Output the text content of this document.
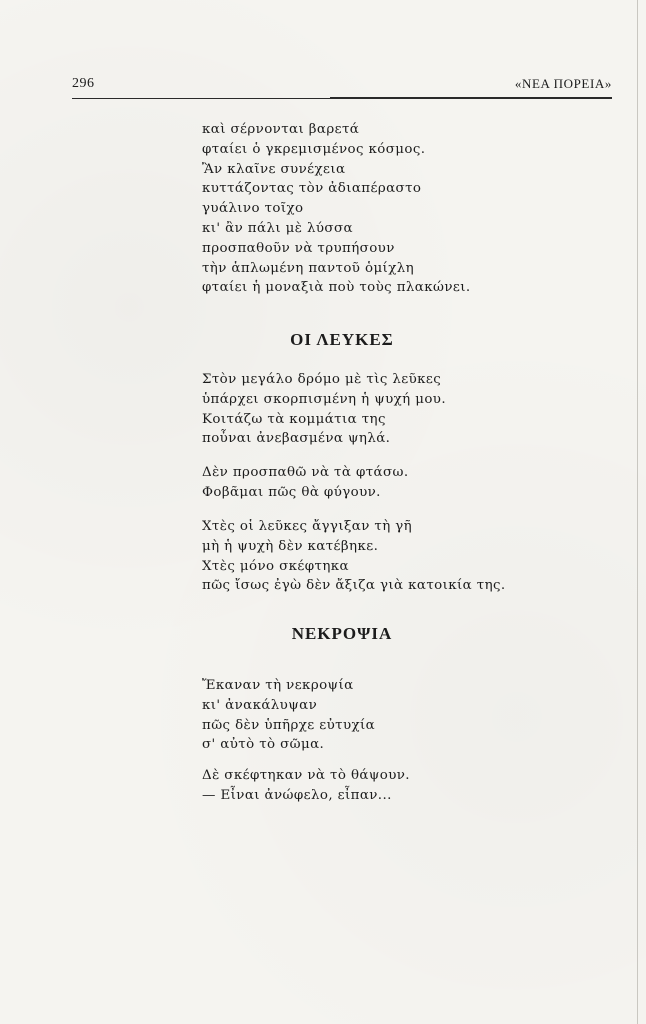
296	«ΝΕΑ ΠΟΡΕΙΑ»
καὶ σέρνονται βαρετά
φταίει ὁ γκρεμισμένος κόσμος.
Ἂν κλαῖνε συνέχεια
κυττάζοντας τὸν ἀδιαπέραστο
γυάλινο τοῖχο
κι' ἂν πάλι μὲ λύσσα
προσπαθοῦν νὰ τρυπήσουν
τὴν ἁπλωμένη παντοῦ ὁμίχλη
φταίει ἡ μοναξιὰ ποὺ τοὺς πλακώνει.
ΟΙ ΛΕΥΚΕΣ
Στὸν μεγάλο δρόμο μὲ τὶς λεῦκες
ὑπάρχει σκορπισμένη ἡ ψυχή μου.
Κοιτάζω τὰ κομμάτια της
ποὖναι ἀνεβασμένα ψηλά.
Δὲν προσπαθῶ νὰ τὰ φτάσω.
Φοβᾶμαι πῶς θὰ φύγουν.
Χτὲς οἱ λεῦκες ἄγγιξαν τὴ γῆ
μὴ ἡ ψυχὴ δὲν κατέβηκε.
Χτὲς μόνο σκέφτηκα
πῶς ἴσως ἐγὼ δὲν ἄξιζα γιὰ κατοικία της.
ΝΕΚΡΟΨΙΑ
Ἔκαναν τὴ νεκροψία
κι' ἀνακάλυψαν
πῶς δὲν ὑπῆρχε εὐτυχία
σ' αὐτὸ τὸ σῶμα.
Δὲ σκέφτηκαν νὰ τὸ θάψουν.
— Εἶναι ἀνώφελο, εἶπαν...
